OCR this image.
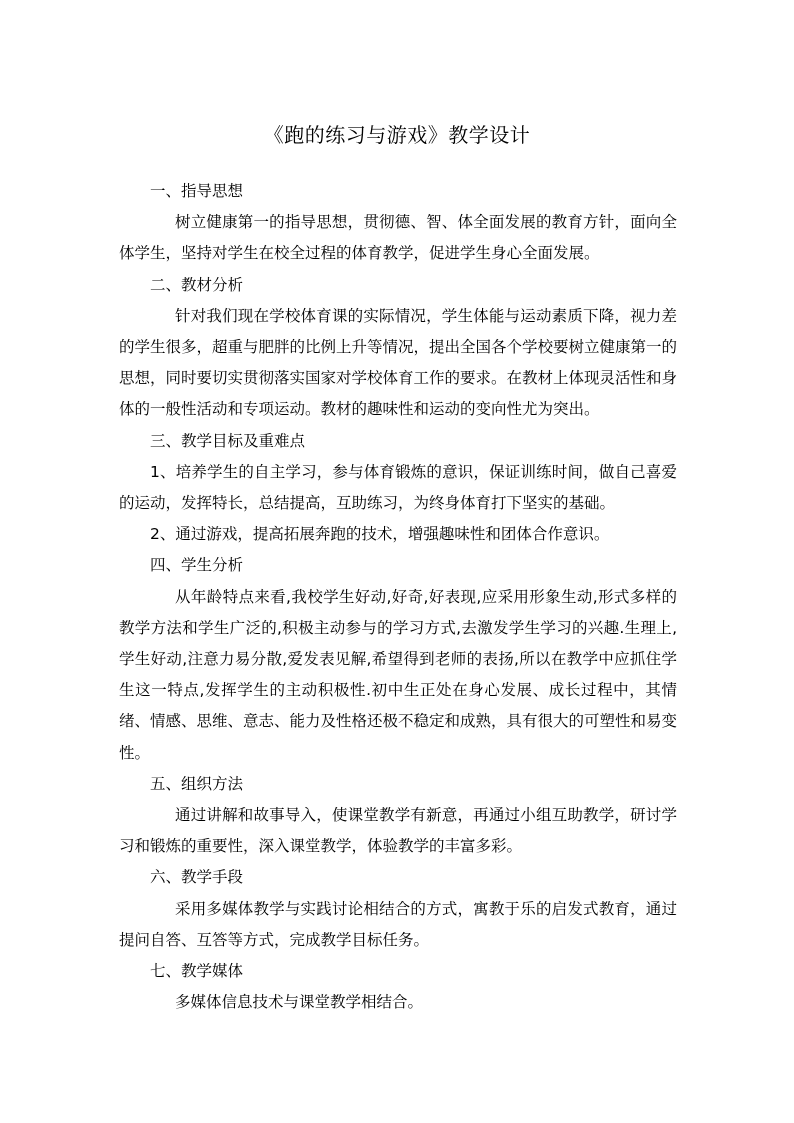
《跑的练习与游戏》教学设计

一、指导思想

树立健康第一的指导思想，贯彻德、智、体全面发展的教育方针，面向全体学生，坚持对学生在校全过程的体育教学，促进学生身心全面发展。

二、教材分析

针对我们现在学校体育课的实际情况，学生体能与运动素质下降，视力差的学生很多，超重与肥胖的比例上升等情况，提出全国各个学校要树立健康第一的思想，同时要切实贯彻落实国家对学校体育工作的要求。在教材上体现灵活性和身体的一般性活动和专项运动。教材的趣味性和运动的变向性尤为突出。

三、教学目标及重难点

1、培养学生的自主学习，参与体育锻炼的意识，保证训练时间，做自己喜爱的运动，发挥特长，总结提高，互助练习，为终身体育打下坚实的基础。

2、通过游戏，提高拓展奔跑的技术，增强趣味性和团体合作意识。

四、学生分析

从年龄特点来看,我校学生好动,好奇,好表现,应采用形象生动,形式多样的教学方法和学生广泛的,积极主动参与的学习方式,去激发学生学习的兴趣.生理上,学生好动,注意力易分散,爱发表见解,希望得到老师的表扬,所以在教学中应抓住学生这一特点,发挥学生的主动积极性.初中生正处在身心发展、成长过程中，其情绪、情感、思维、意志、能力及性格还极不稳定和成熟，具有很大的可塑性和易变性。

五、组织方法

通过讲解和故事导入，使课堂教学有新意，再通过小组互助教学，研讨学习和锻炼的重要性，深入课堂教学，体验教学的丰富多彩。

六、教学手段

采用多媒体教学与实践讨论相结合的方式，寓教于乐的启发式教育，通过提问自答、互答等方式，完成教学目标任务。

七、教学媒体

多媒体信息技术与课堂教学相结合。
